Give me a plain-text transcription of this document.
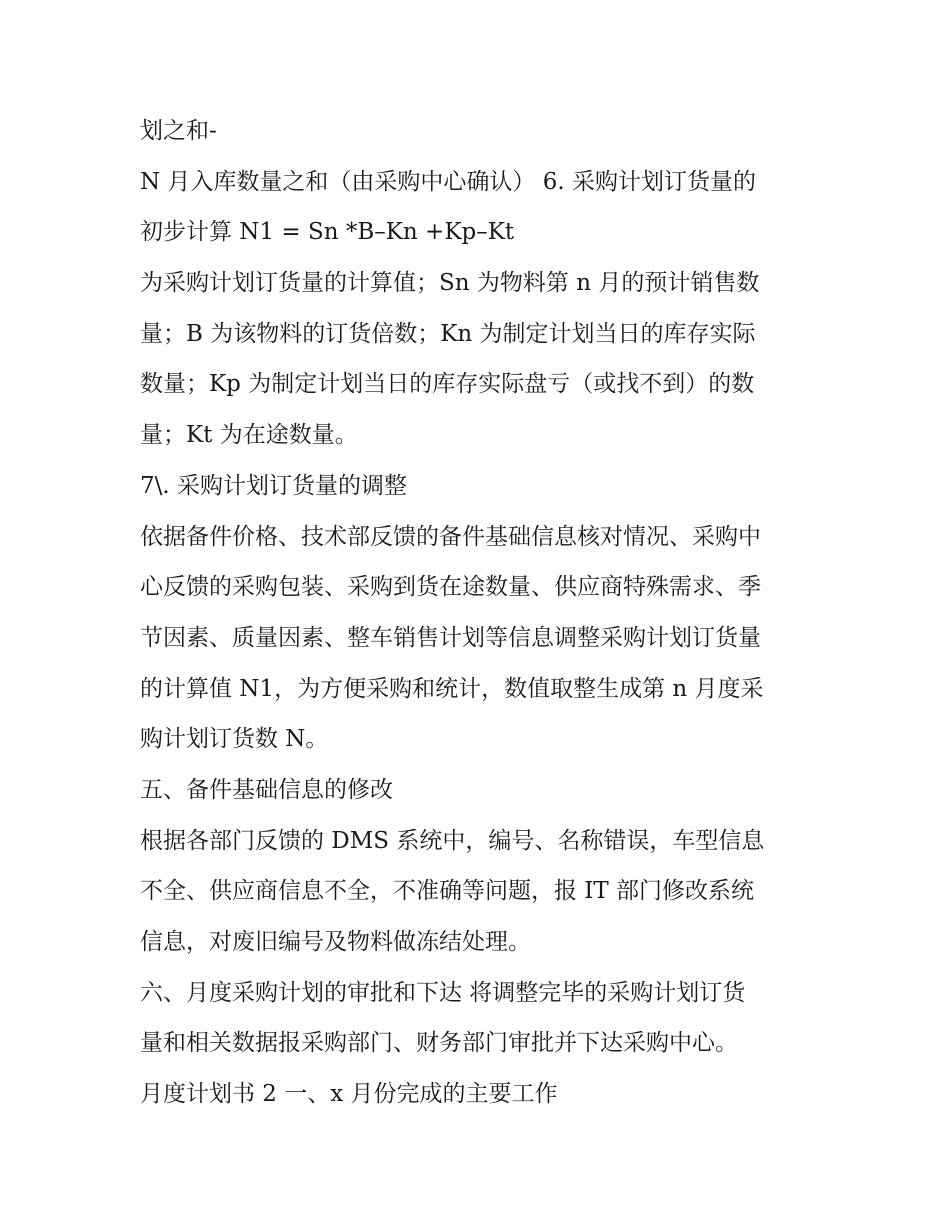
划之和-
N 月入库数量之和（由采购中心确认） 6. 采购计划订货量的
初步计算 N1 = Sn *B–Kn +Kp–Kt
为采购计划订货量的计算值；Sn 为物料第 n 月的预计销售数
量；B 为该物料的订货倍数；Kn 为制定计划当日的库存实际
数量；Kp 为制定计划当日的库存实际盘亏（或找不到）的数
量；Kt 为在途数量。
7\. 采购计划订货量的调整
依据备件价格、技术部反馈的备件基础信息核对情况、采购中
心反馈的采购包装、采购到货在途数量、供应商特殊需求、季
节因素、质量因素、整车销售计划等信息调整采购计划订货量
的计算值 N1，为方便采购和统计，数值取整生成第 n 月度采
购计划订货数 N。
五、备件基础信息的修改
根据各部门反馈的 DMS 系统中，编号、名称错误，车型信息
不全、供应商信息不全，不准确等问题，报 IT 部门修改系统
信息，对废旧编号及物料做冻结处理。
六、月度采购计划的审批和下达 将调整完毕的采购计划订货
量和相关数据报采购部门、财务部门审批并下达采购中心。
月度计划书 2 一、x 月份完成的主要工作
